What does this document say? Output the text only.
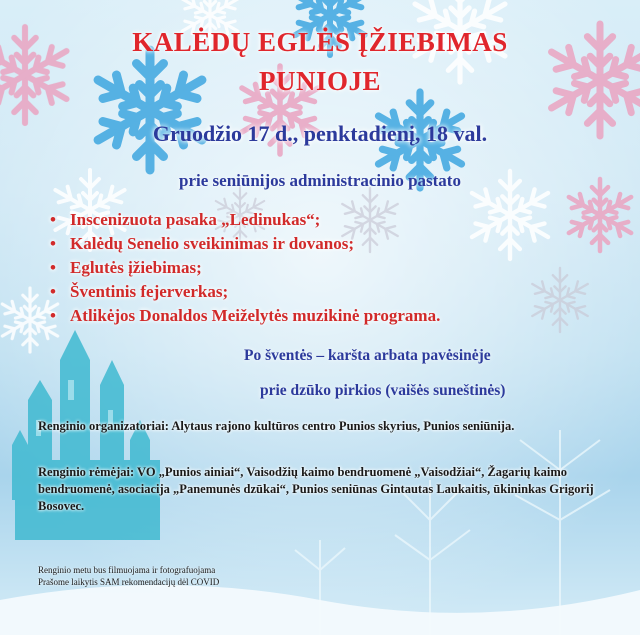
KALĖDŲ EGLĖS ĮŽIEBIMAS
PUNIOJE
Gruodžio 17 d., penktadienį, 18 val.
prie seniūnijos administracinio pastato
• Inscenizuota pasaka „Ledinukas“;
• Kalėdų Senelio sveikinimas ir dovanos;
• Eglutės įžiebimas;
• Šventinis fejerverkas;
• Atlikėjos Donaldos Meiželytės muzikinė programa.
Po šventės – karšta arbata pavėsinėje
prie dzūko pirkios (vaišės suneštinės)
Renginio organizatoriai: Alytaus rajono kultūros centro Punios skyrius, Punios seniūnija.
Renginio rėmėjai: VO „Punios ainiai“, Vaisodžių kaimo bendruomenė „Vaisodžiai“, Žagarių kaimo bendruomenė, asociacija „Panemunės dzūkai“, Punios seniūnas Gintautas Laukaitis, ūkininkas Grigorij Bosovec.
Renginio metu bus filmuojama ir fotografuojama
Prašome laikytis SAM rekomendacijų dėl COVID
